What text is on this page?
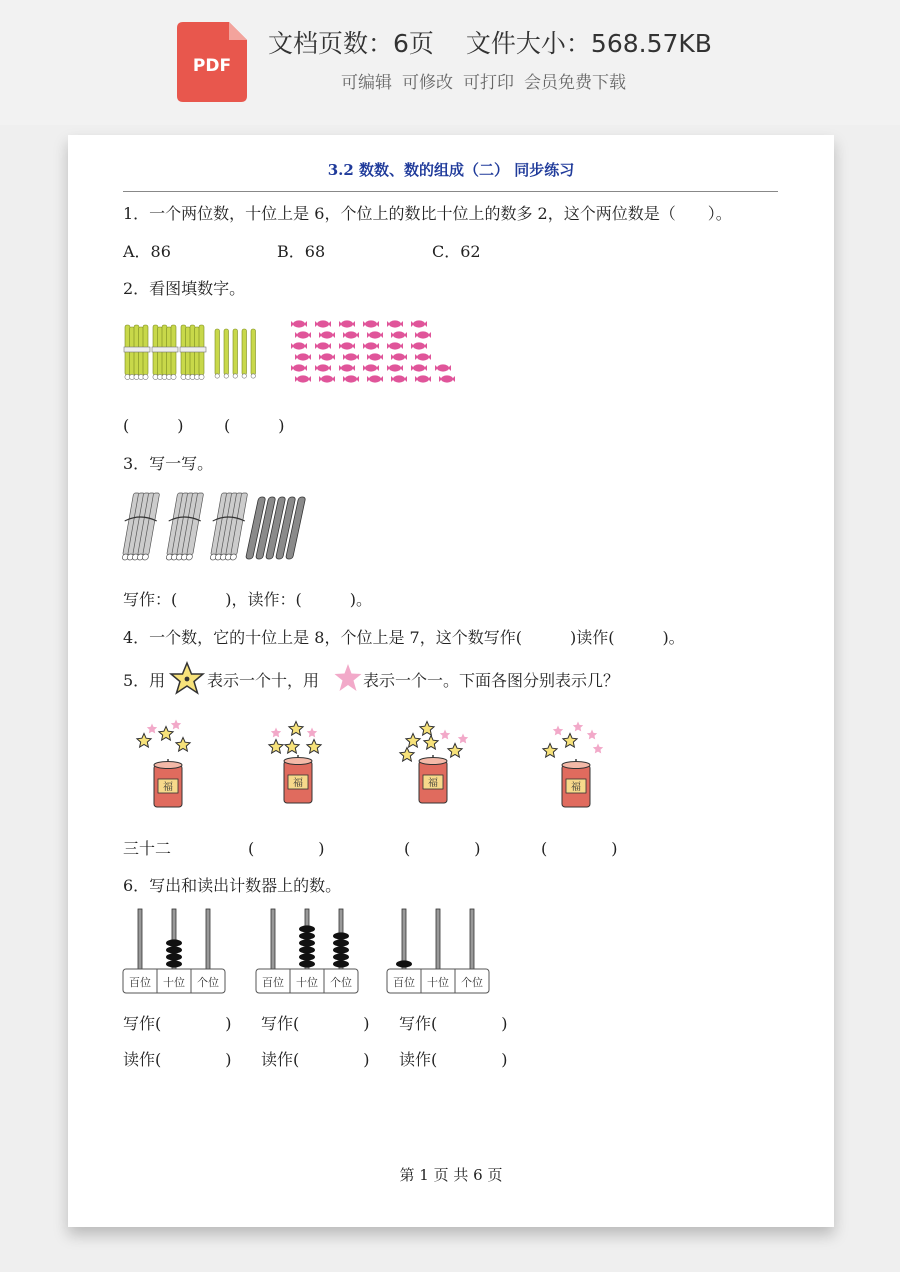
PDF
文档页数：6页 文件大小：568.57KB
可编辑 可修改 可打印 会员免费下载
3.2 数数、数的组成（二） 同步练习
1．一个两位数，十位上是 6，个位上的数比十位上的数多 2，这个两位数是（　　）。
A．86	B．68	C．62
2．看图填数字。
(　　　)	(　　　)
3．写一写。
写作：(　　　)，读作：(　　　)。
4．一个数，它的十位上是 8，个位上是 7，这个数写作(　　　)读作(　　　)。
5．用	表示一个十，用	表示一个一。下面各图分别表示几？
福	福	福	福
三十二	(　　　　)	(　　　　)	(　　　　)
6．写出和读出计数器上的数。
百位 十位 个位	百位 十位 个位	百位 十位 个位
写作(　　　　) 写作(　　　　) 写作(　　　　)
读作(　　　　) 读作(　　　　) 读作(　　　　)
第 1 页 共 6 页
